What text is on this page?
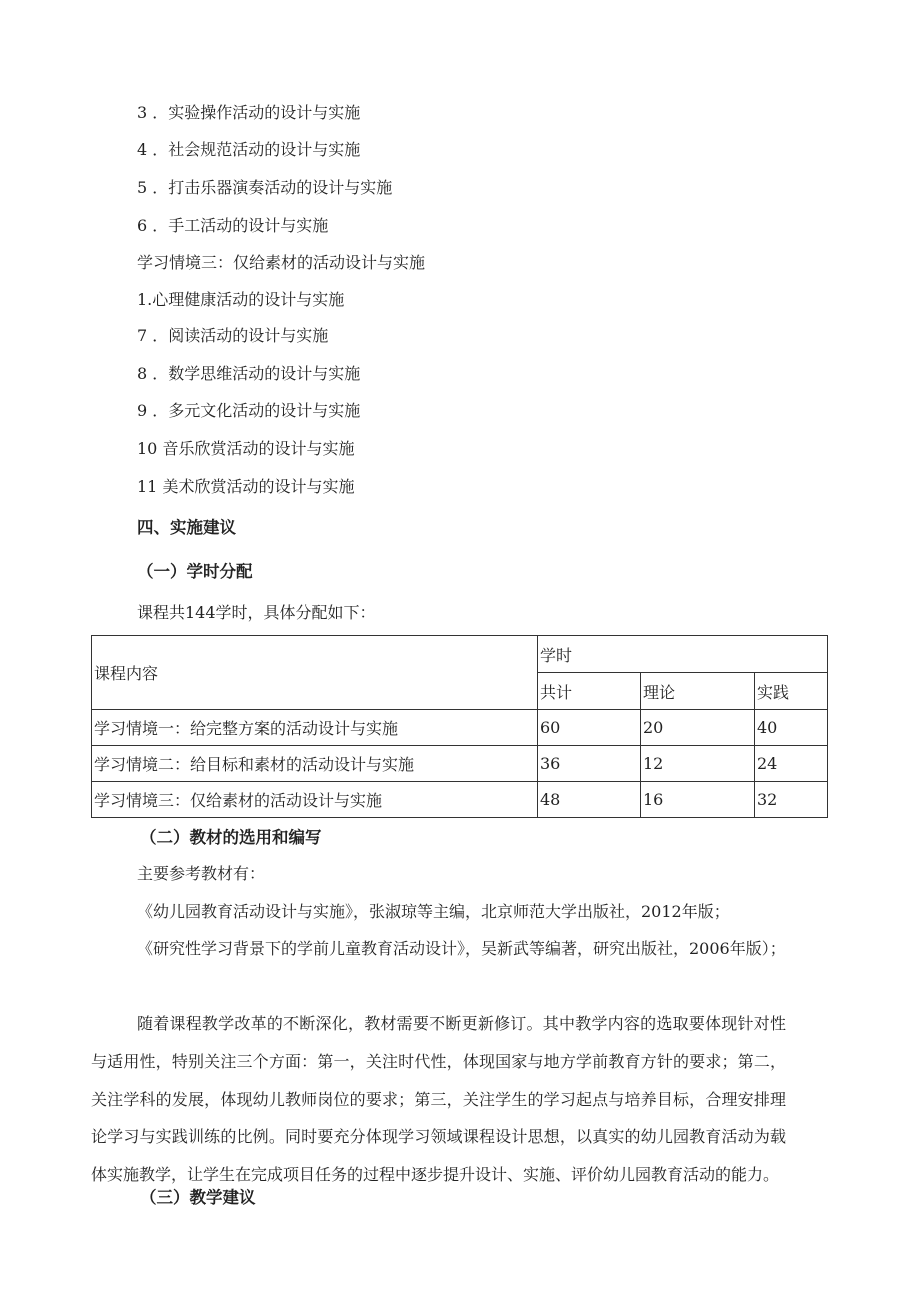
3 ．实验操作活动的设计与实施
4 ．社会规范活动的设计与实施
5 ．打击乐器演奏活动的设计与实施
6 ．手工活动的设计与实施
学习情境三：仅给素材的活动设计与实施
1.心理健康活动的设计与实施
7 ．阅读活动的设计与实施
8 ．数学思维活动的设计与实施
9 ．多元文化活动的设计与实施
10 音乐欣赏活动的设计与实施
11 美术欣赏活动的设计与实施
四、实施建议
（一）学时分配
课程共144学时，具体分配如下：
课程内容	学时		
	共计	理论	实践
学习情境一：给完整方案的活动设计与实施	60	20	40
学习情境二：给目标和素材的活动设计与实施	36	12	24
学习情境三：仅给素材的活动设计与实施	48	16	32
（二）教材的选用和编写
主要参考教材有：
《幼儿园教育活动设计与实施》，张淑琼等主编，北京师范大学出版社，2012年版；
《研究性学习背景下的学前儿童教育活动设计》，吴新武等编著，研究出版社，2006年版）；
随着课程教学改革的不断深化，教材需要不断更新修订。其中教学内容的选取要体现针对性与适用性，特别关注三个方面：第一，关注时代性，体现国家与地方学前教育方针的要求；第二，关注学科的发展，体现幼儿教师岗位的要求；第三，关注学生的学习起点与培养目标，合理安排理论学习与实践训练的比例。同时要充分体现学习领域课程设计思想，以真实的幼儿园教育活动为载体实施教学，让学生在完成项目任务的过程中逐步提升设计、实施、评价幼儿园教育活动的能力。
（三）教学建议
